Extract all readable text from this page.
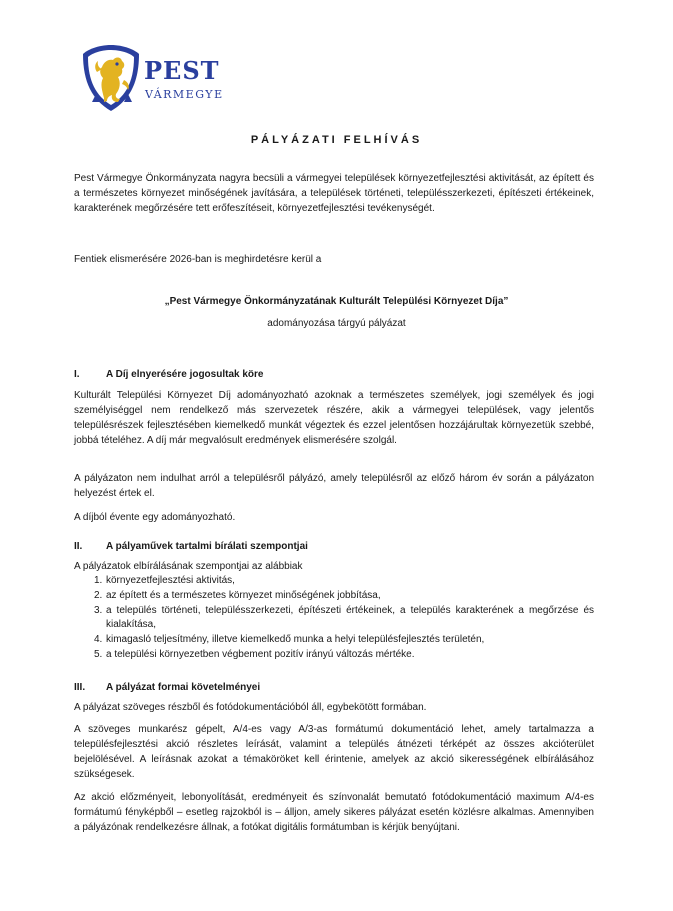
PEST
VÁRMEGYE
PÁLYÁZATI FELHÍVÁS

Pest Vármegye Önkormányzata nagyra becsüli a vármegyei települések környezetfejlesztési aktivitását, az épített és a természetes környezet minőségének javítására, a települések történeti, településszerkezeti, építészeti értékeinek, karakterének megőrzésére tett erőfeszítéseit, környezetfejlesztési tevékenységét.

Fentiek elismerésére 2026-ban is meghirdetésre kerül a

„Pest Vármegye Önkormányzatának Kulturált Települési Környezet Díja”
adományozása tárgyú pályázat
I.	A Díj elnyerésére jogosultak köre

Kulturált Települési Környezet Díj adományozható azoknak a természetes személyek, jogi személyek és jogi személyiséggel nem rendelkező más szervezetek részére, akik a vármegyei települések, vagy jelentős településrészek fejlesztésében kiemelkedő munkát végeztek és ezzel jelentősen hozzájárultak környezetük szebbé, jobbá tételéhez. A díj már megvalósult eredmények elismerésére szolgál.

A pályázaton nem indulhat arról a településről pályázó, amely településről az előző három év során a pályázaton helyezést értek el.

A díjból évente egy adományozható.

II. A pályaművek tartalmi bírálati szempontjai

A pályázatok elbírálásának szempontjai az alábbiak

1. környezetfejlesztési aktivitás,
2. az épített és a természetes környezet minőségének jobbítása,
3. a település történeti, településszerkezeti, építészeti értékeinek, a település karakterének a megőrzése és kialakítása,
4. kimagasló teljesítmény, illetve kiemelkedő munka a helyi településfejlesztés területén,
5. a települési környezetben végbement pozitív irányú változás mértéke.
III. A pályázat formai követelményei

A pályázat szöveges részből és fotódokumentációból áll, egybekötött formában.

A szöveges munkarész gépelt, A/4-es vagy A/3-as formátumú dokumentáció lehet, amely tartalmazza a településfejlesztési akció részletes leírását, valamint a település átnézeti térképét az összes akcióterület bejelölésével. A leírásnak azokat a témaköröket kell érintenie, amelyek az akció sikerességének elbírálásához szükségesek.

Az akció előzményeit, lebonyolítását, eredményeit és színvonalát bemutató fotódokumentáció maximum A/4-es formátumú fényképből – esetleg rajzokból is – álljon, amely sikeres pályázat esetén közlésre alkalmas. Amennyiben a pályázónak rendelkezésre állnak, a fotókat digitális formátumban is kérjük benyújtani.
